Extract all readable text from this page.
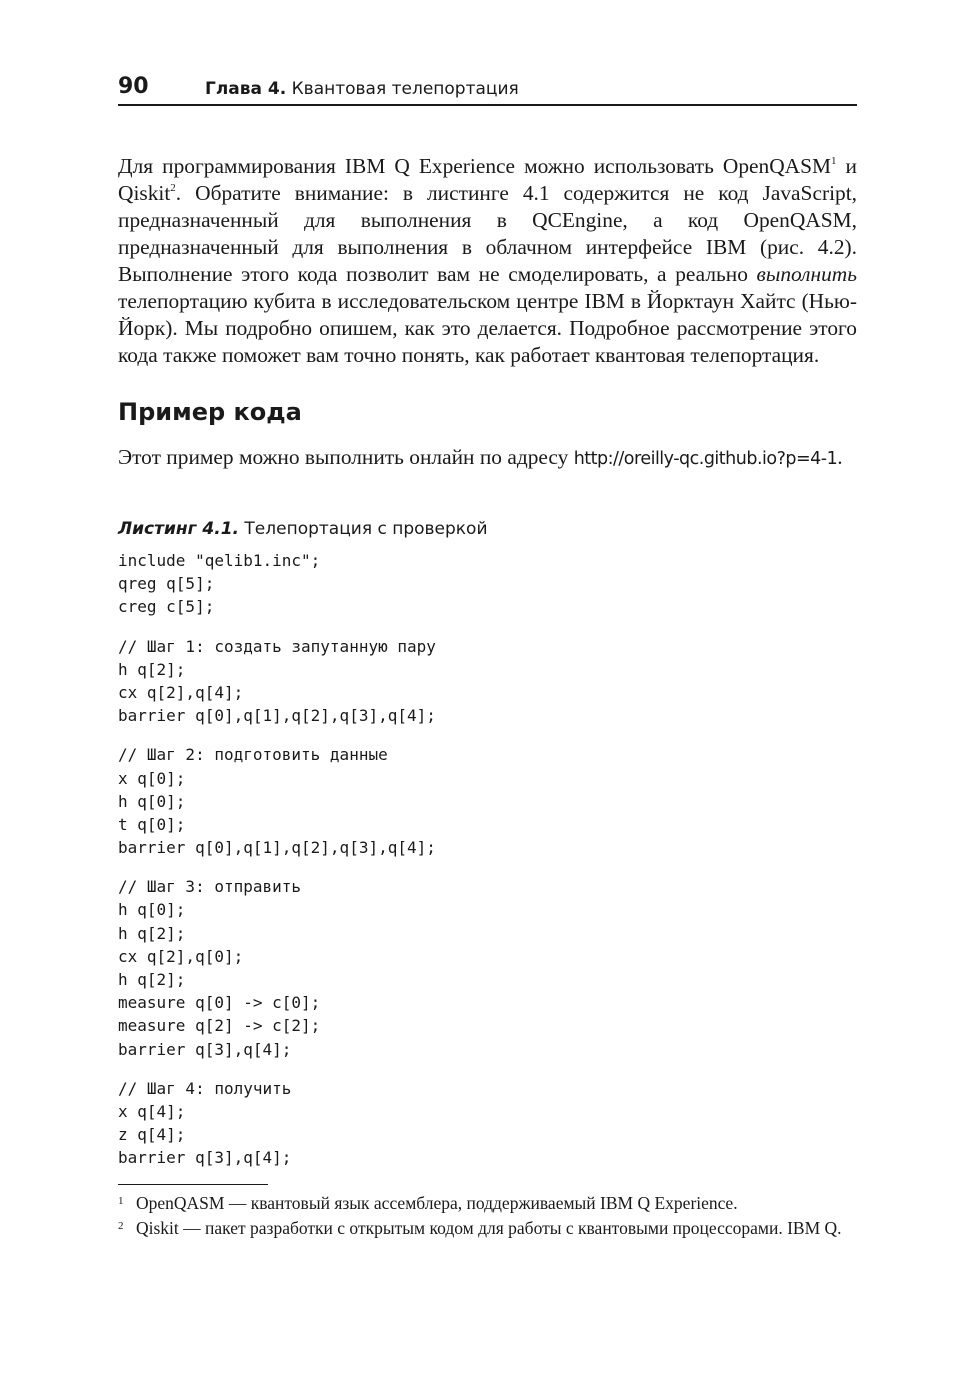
90	Глава 4. Квантовая телепортация

Для программирования IBM Q Experience можно использовать OpenQASM$^1$ и Qiskit$^2$. Обратите внимание: в листинге 4.1 содержится не код JavaScript, предназначенный для выполнения в QCEngine, а код OpenQASM, предназначенный для выполнения в облачном интерфейсе IBM (рис. 4.2). Выполнение этого кода позволит вам не смоделировать, а реально выполнить телепортацию кубита в исследовательском центре IBM в Йорктаун Хайтс (Нью-Йорк). Мы подробно опишем, как это делается. Подробное рассмотрение этого кода также поможет вам точно понять, как работает квантовая телепортация.

Пример кода

Этот пример можно выполнить онлайн по адресу http://oreilly-qc.github.io?p=4-1.

Листинг 4.1. Телепортация с проверкой
include "qelib1.inc";
qreg q[5];
creg c[5];
// Шаг 1: создать запутанную пару
h q[2];
cx q[2],q[4];
barrier q[0],q[1],q[2],q[3],q[4];
// Шаг 2: подготовить данные
x q[0];
h q[0];
t q[0];
barrier q[0],q[1],q[2],q[3],q[4];
// Шаг 3: отправить
h q[0];
h q[2];
cx q[2],q[0];
h q[2];
measure q[0] -> c[0];
measure q[2] -> c[2];
barrier q[3],q[4];
// Шаг 4: получить
x q[4];
z q[4];
barrier q[3],q[4];
1 OpenQASM — квантовый язык ассемблера, поддерживаемый IBM Q Experience.
2 Qiskit — пакет разработки с открытым кодом для работы с квантовыми процессорами. IBM Q.
